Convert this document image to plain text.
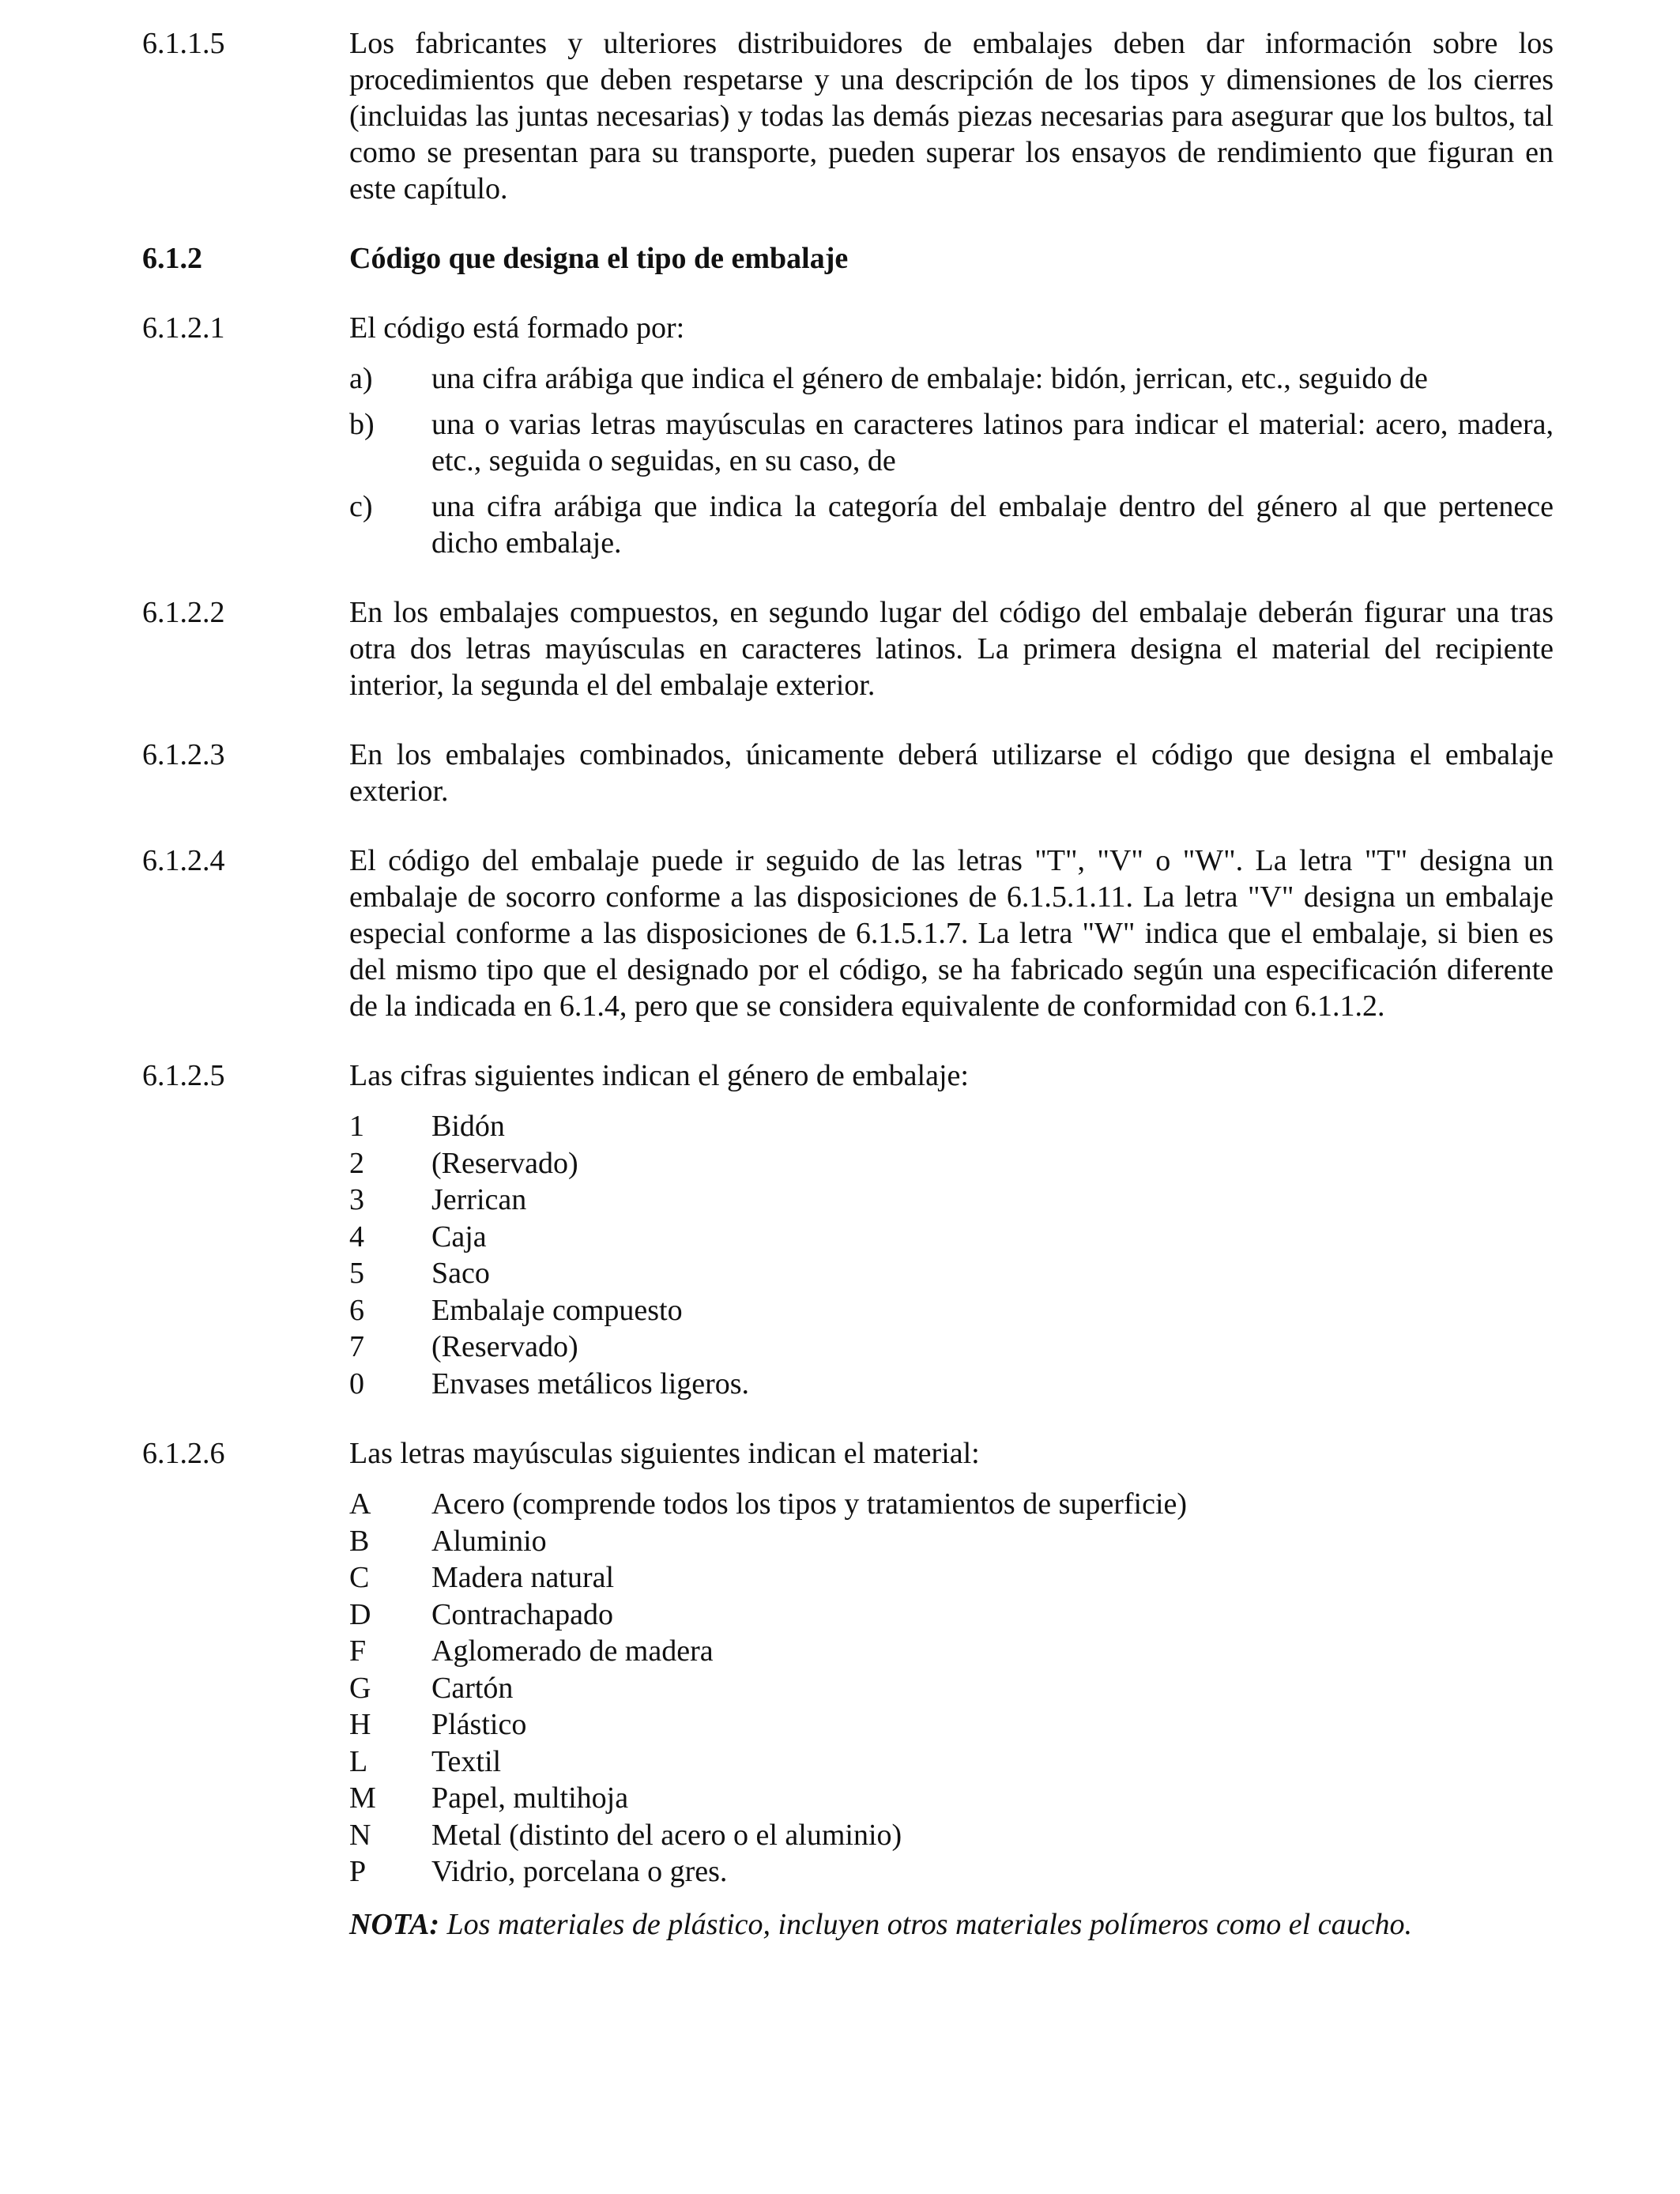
6.1.1.5	Los fabricantes y ulteriores distribuidores de embalajes deben dar información sobre los procedimientos que deben respetarse y una descripción de los tipos y dimensiones de los cierres (incluidas las juntas necesarias) y todas las demás piezas necesarias para asegurar que los bultos, tal como se presentan para su transporte, pueden superar los ensayos de rendimiento que figuran en este capítulo.
6.1.2	Código que designa el tipo de embalaje
6.1.2.1	El código está formado por:
a) una cifra arábiga que indica el género de embalaje: bidón, jerrican, etc., seguido de
b) una o varias letras mayúsculas en caracteres latinos para indicar el material: acero, madera, etc., seguida o seguidas, en su caso, de
c) una cifra arábiga que indica la categoría del embalaje dentro del género al que pertenece dicho embalaje.
6.1.2.2	En los embalajes compuestos, en segundo lugar del código del embalaje deberán figurar una tras otra dos letras mayúsculas en caracteres latinos. La primera designa el material del recipiente interior, la segunda el del embalaje exterior.
6.1.2.3	En los embalajes combinados, únicamente deberá utilizarse el código que designa el embalaje exterior.
6.1.2.4	El código del embalaje puede ir seguido de las letras "T", "V" o "W". La letra "T" designa un embalaje de socorro conforme a las disposiciones de 6.1.5.1.11. La letra "V" designa un embalaje especial conforme a las disposiciones de 6.1.5.1.7. La letra "W" indica que el embalaje, si bien es del mismo tipo que el designado por el código, se ha fabricado según una especificación diferente de la indicada en 6.1.4, pero que se considera equivalente de conformidad con 6.1.1.2.
6.1.2.5	Las cifras siguientes indican el género de embalaje:
1 Bidón
2 (Reservado)
3 Jerrican
4 Caja
5 Saco
6 Embalaje compuesto
7 (Reservado)
0 Envases metálicos ligeros.
6.1.2.6	Las letras mayúsculas siguientes indican el material:
A Acero (comprende todos los tipos y tratamientos de superficie)
B Aluminio
C Madera natural
D Contrachapado
F Aglomerado de madera
G Cartón
H Plástico
L Textil
M Papel, multihoja
N Metal (distinto del acero o el aluminio)
P Vidrio, porcelana o gres.
NOTA: Los materiales de plástico, incluyen otros materiales polímeros como el caucho.
